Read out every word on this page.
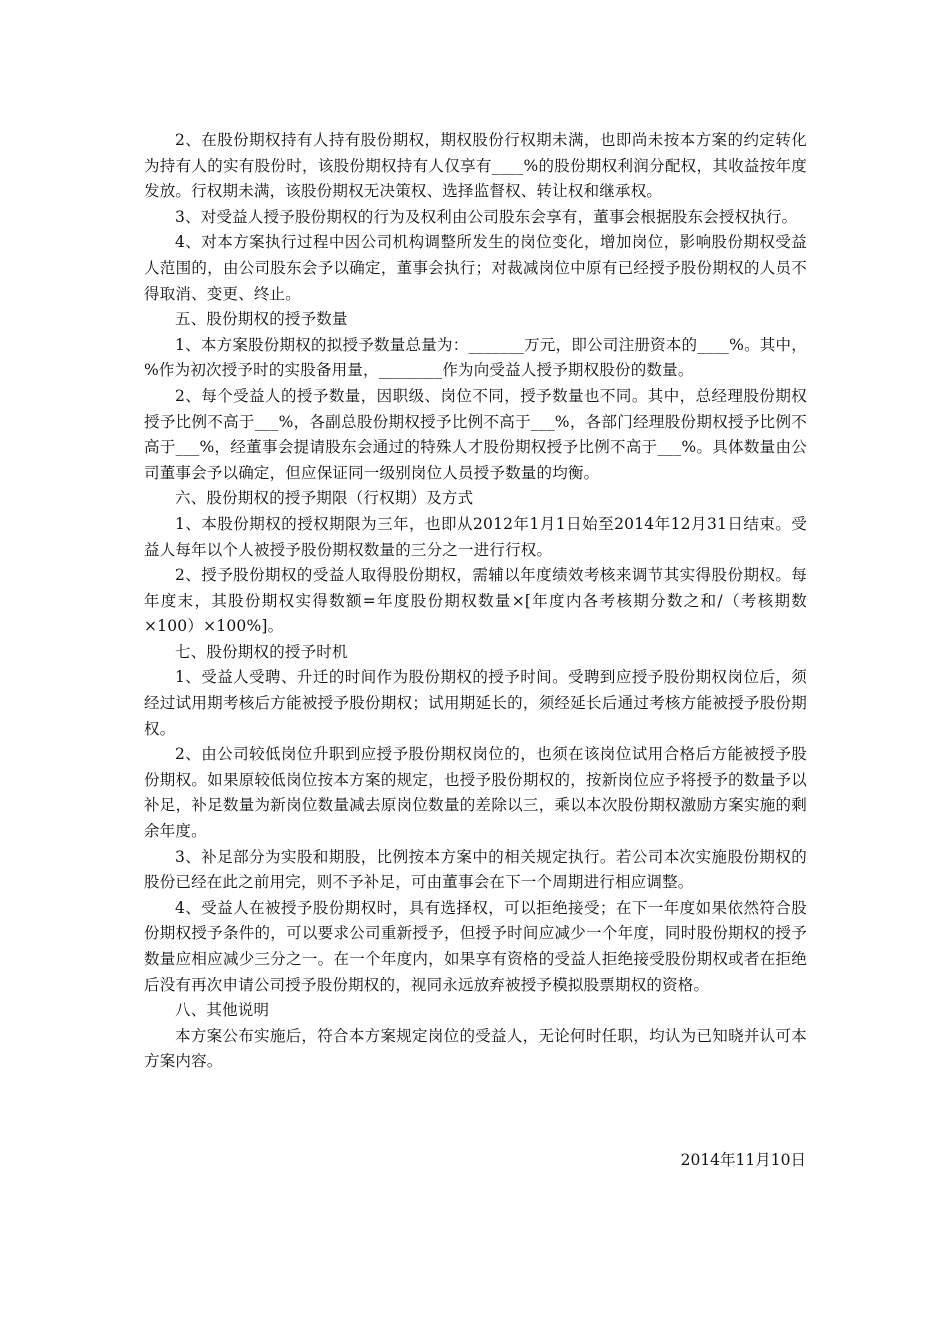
2、在股份期权持有人持有股份期权，期权股份行权期未满，也即尚未按本方案的约定转化为持有人的实有股份时，该股份期权持有人仅享有____%的股份期权利润分配权，其收益按年度发放。行权期未满，该股份期权无决策权、选择监督权、转让权和继承权。

3、对受益人授予股份期权的行为及权利由公司股东会享有，董事会根据股东会授权执行。

4、对本方案执行过程中因公司机构调整所发生的岗位变化，增加岗位，影响股份期权受益人范围的，由公司股东会予以确定，董事会执行；对裁减岗位中原有已经授予股份期权的人员不得取消、变更、终止。

五、股份期权的授予数量

1、本方案股份期权的拟授予数量总量为：_______万元，即公司注册资本的____%。其中，%作为初次授予时的实股备用量，________作为向受益人授予期权股份的数量。

2、每个受益人的授予数量，因职级、岗位不同，授予数量也不同。其中，总经理股份期权授予比例不高于___%，各副总股份期权授予比例不高于___%，各部门经理股份期权授予比例不高于___%，经董事会提请股东会通过的特殊人才股份期权授予比例不高于___%。具体数量由公司董事会予以确定，但应保证同一级别岗位人员授予数量的均衡。

六、股份期权的授予期限（行权期）及方式

1、本股份期权的授权期限为三年，也即从2012年1月1日始至2014年12月31日结束。受益人每年以个人被授予股份期权数量的三分之一进行行权。

2、授予股份期权的受益人取得股份期权，需辅以年度绩效考核来调节其实得股份期权。每年度末，其股份期权实得数额=年度股份期权数量×[年度内各考核期分数之和/（考核期数×100）×100%]。

七、股份期权的授予时机

1、受益人受聘、升迁的时间作为股份期权的授予时间。受聘到应授予股份期权岗位后，须经过试用期考核后方能被授予股份期权；试用期延长的，须经延长后通过考核方能被授予股份期权。

2、由公司较低岗位升职到应授予股份期权岗位的，也须在该岗位试用合格后方能被授予股份期权。如果原较低岗位按本方案的规定，也授予股份期权的，按新岗位应予将授予的数量予以补足，补足数量为新岗位数量减去原岗位数量的差除以三，乘以本次股份期权激励方案实施的剩余年度。

3、补足部分为实股和期股，比例按本方案中的相关规定执行。若公司本次实施股份期权的股份已经在此之前用完，则不予补足，可由董事会在下一个周期进行相应调整。

4、受益人在被授予股份期权时，具有选择权，可以拒绝接受；在下一年度如果依然符合股份期权授予条件的，可以要求公司重新授予，但授予时间应减少一个年度，同时股份期权的授予数量应相应减少三分之一。在一个年度内，如果享有资格的受益人拒绝接受股份期权或者在拒绝后没有再次申请公司授予股份期权的，视同永远放弃被授予模拟股票期权的资格。

八、其他说明

本方案公布实施后，符合本方案规定岗位的受益人，无论何时任职，均认为已知晓并认可本方案内容。

2014年11月10日
